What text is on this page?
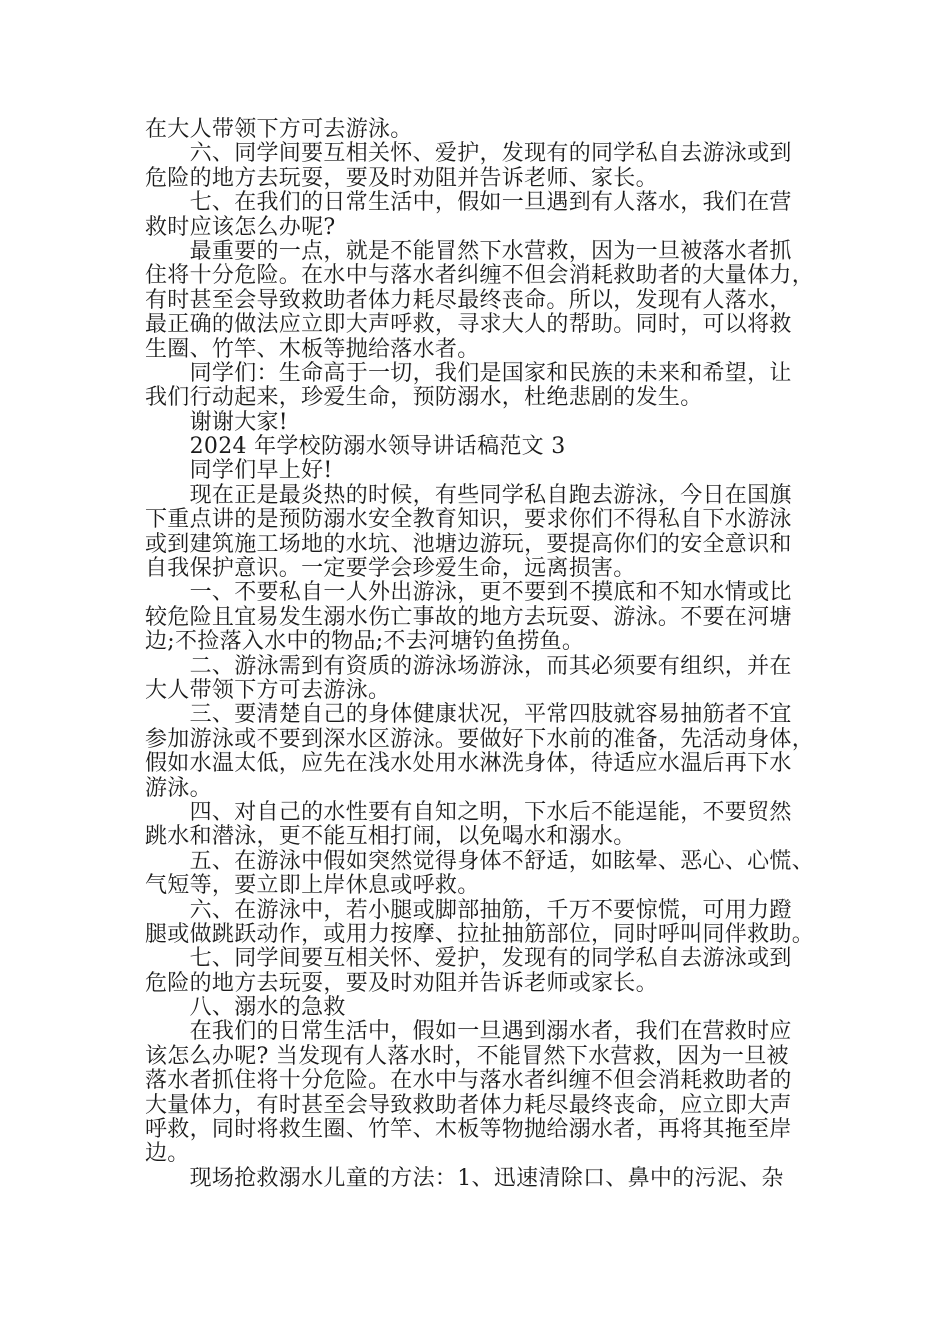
在大人带领下方可去游泳。
　　六、同学间要互相关怀、爱护，发现有的同学私自去游泳或到
危险的地方去玩耍，要及时劝阻并告诉老师、家长。
　　七、在我们的日常生活中，假如一旦遇到有人落水，我们在营
救时应该怎么办呢?
　　最重要的一点，就是不能冒然下水营救，因为一旦被落水者抓
住将十分危险。在水中与落水者纠缠不但会消耗救助者的大量体力，
有时甚至会导致救助者体力耗尽最终丧命。所以，发现有人落水，
最正确的做法应立即大声呼救，寻求大人的帮助。同时，可以将救
生圈、竹竿、木板等抛给落水者。
　　同学们：生命高于一切，我们是国家和民族的未来和希望，让
我们行动起来，珍爱生命，预防溺水，杜绝悲剧的发生。
　　谢谢大家!
　　2024 年学校防溺水领导讲话稿范文 3
　　同学们早上好!
　　现在正是最炎热的时候，有些同学私自跑去游泳，今日在国旗
下重点讲的是预防溺水安全教育知识，要求你们不得私自下水游泳
或到建筑施工场地的水坑、池塘边游玩，要提高你们的安全意识和
自我保护意识。一定要学会珍爱生命，远离损害。
　　一、不要私自一人外出游泳，更不要到不摸底和不知水情或比
较危险且宜易发生溺水伤亡事故的地方去玩耍、游泳。不要在河塘
边;不捡落入水中的物品;不去河塘钓鱼捞鱼。
　　二、游泳需到有资质的游泳场游泳，而其必须要有组织，并在
大人带领下方可去游泳。
　　三、要清楚自己的身体健康状况，平常四肢就容易抽筋者不宜
参加游泳或不要到深水区游泳。要做好下水前的准备，先活动身体，
假如水温太低，应先在浅水处用水淋洗身体，待适应水温后再下水
游泳。
　　四、对自己的水性要有自知之明，下水后不能逞能，不要贸然
跳水和潜泳，更不能互相打闹，以免喝水和溺水。
　　五、在游泳中假如突然觉得身体不舒适，如眩晕、恶心、心慌、
气短等，要立即上岸休息或呼救。
　　六、在游泳中，若小腿或脚部抽筋，千万不要惊慌，可用力蹬
腿或做跳跃动作，或用力按摩、拉扯抽筋部位，同时呼叫同伴救助。
　　七、同学间要互相关怀、爱护，发现有的同学私自去游泳或到
危险的地方去玩耍，要及时劝阻并告诉老师或家长。
　　八、溺水的急救
　　在我们的日常生活中，假如一旦遇到溺水者，我们在营救时应
该怎么办呢? 当发现有人落水时，不能冒然下水营救，因为一旦被
落水者抓住将十分危险。在水中与落水者纠缠不但会消耗救助者的
大量体力，有时甚至会导致救助者体力耗尽最终丧命，应立即大声
呼救，同时将救生圈、竹竿、木板等物抛给溺水者，再将其拖至岸
边。
　　现场抢救溺水儿童的方法：1、迅速清除口、鼻中的污泥、杂
